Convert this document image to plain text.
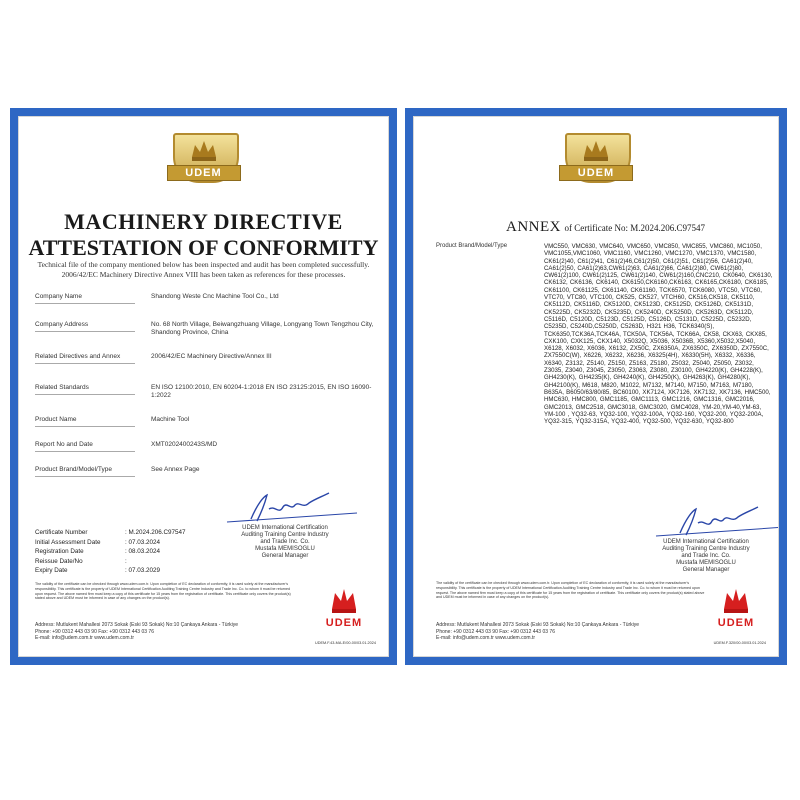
UDEM
MACHINERY DIRECTIVE
ATTESTATION OF CONFORMITY
Technical file of the company mentioned below has been inspected and audit has been completed successfully. 2006/42/EC Machinery Directive Annex VIII has been taken as references for these processes.
Company Name	Shandong Weste Cnc Machine Tool Co., Ltd
Company Address	No. 68 North Village, Beiwangzhuang Village, Longyang Town Tengzhou City, Shandong Province, China
Related Directives and Annex	2006/42/EC Machinery Directive/Annex III
Related Standards	EN ISO 12100:2010, EN 60204-1:2018 EN ISO 23125:2015, EN ISO 16090-1:2022
Product Name	Machine Tool
Report No and Date	XMT0202400243S/MD
Product Brand/Model/Type	See Annex Page
Certificate Number	: M.2024.206.C97547
Initial Assessment Date	: 07.03.2024
Registration Date	: 08.03.2024
Reissue Date/No	:
Expiry Date	: 07.03.2029
UDEM International Certification
Auditing Training Centre Industry
and Trade Inc. Co.
Mustafa MEMISOGLU
General Manager
The validity of the certificate can be checked through www.udem.com.tr. Upon completion of EC declaration of conformity, it is used solely at the manufacturer's responsibility. This certificate is the property of UDEM International Certification Auditing Training Centre Industry and Trade Inc. Co. to whom it must be returned upon request. The above named firm must keep a copy of this certificate for 15 years from the registration of certificate. This certificate only covers the product(s) stated above and UDEM must be informed in case of any changes on the product(s).
UDEM
Address: Mutlukent Mahallesi 2073 Sokak (Eski 93 Sokak) No:10 Çankaya Ankara - Türkiye
Phone: +90 0312 443 03 90 Fax: +90 0312 443 03 76
E-mail: info@udem.com.tr www.udem.com.tr
UDEM.F.43-MA-E/00-00/03.01.2024
UDEM
ANNEX of Certificate No: M.2024.206.C97547
Product Brand/Model/Type	VMC550, VMC630, VMC640, VMC650, VMC850, VMC855, VMC860, MC1050, VMC1055,VMC1060, VMC1160, VMC1260, VMC1270, VMC1370, VMC1580, CK61(2)40, C61(2)41, C61(2)46,C61(2)50, C61(2)51, C61(2)56, CA61(2)40, CA61(2)50, CA61(2)63,CW61(2)63, CA61(2)66, CA61(2)80, CW61(2)80, CW61(2)100, CW61(2)125, CW61(2)140, CW61(2)160,CNC210, CK0640, CK6130, CK6132, CK6136, CK6140, CK6150,CK6160,CK6163, CK6165,CK6180, CK6185, CK61100, CK61125, CK61140, CK61160, TCK6570, TCK6080, VTC50, VTC60, VTC70, VTC80, VTC100, CK525, CK527, VTCH60, CK516,CK518, CK5110, CK5112D, CK5116D, CK5120D, CK5123D, CK5125D, CK5126D, CK5131D, CK5225D, CK5232D, CK5235D, CK5240D, CK5250D, CK5263D, CK5112D, C5116D, C5120D, C5123D, C5125D, C5126D, C5131D, C5225D, C5232D, C5235D, C5240D,C5250D, C5263D, H321 H36, TCK6340(S), TCK6350,TCK36A,TCK46A, TCK50A, TCK56A, TCK66A, CK58, CKX63, CKX85, CXK100, CXK125, CKX140, X5032Q, X5036, X5036B, X5360,X5032,X5040, X6128, X6032, X6036, X6132, ZX50C, ZX6350A, ZX6350C, ZX6350D, ZX7550C, ZX7550C(W), X6226, X6232, X6236, X6325(4H), X6330(5H), X6332, X6336, X6340, Z3132, Z5140, Z5150, Z5163, Z5180, Z5032, Z5040, Z5050, Z3032, Z3035, Z3040, Z3045, Z3050, Z3063, Z3080, Z30100, GH4220(K), GH4228(K), GH4230(K), GH4235(K), GH4240(K), GH4250(K), GH4263(K), GH4280(K), GH42100(K), M618, M820, M1022, M7132, M7140, M7150, M7163, M7180, B635A, B6050/63/80/85, BC60100, XK7124, XK7126, XK7132, XK7136, HMC500, HMC630, HMC800, GMC1185, GMC1113, GMC1216, GMC1316, GMC2016, GMC2013, GMC2518, GMC3018, GMC3020, GMC4028, YM-20,YM-40,YM-63, YM-100 , YQ32-63, YQ32-100, YQ32-100A, YQ32-160, YQ32-200, YQ32-200A, YQ32-315, YQ32-315A, YQ32-400, YQ32-500, YQ32-630, YQ32-800
UDEM International Certification
Auditing Training Centre Industry
and Trade Inc. Co.
Mustafa MEMISOGLU
General Manager
The validity of the certificate can be checked through www.udem.com.tr. Upon completion of EC declaration of conformity, it is used solely at the manufacturer's responsibility. This certificate is the property of UDEM International Certification Auditing Training Centre Industry and Trade Inc. Co. to whom it must be returned upon request. The above named firm must keep a copy of this certificate for 15 years from the registration of certificate. This certificate only covers the product(s) stated above and UDEM must be informed in case of any changes on the product(s).
UDEM
Address: Mutlukent Mahallesi 2073 Sokak (Eski 93 Sokak) No:10 Çankaya Ankara - Türkiye
Phone: +90 0312 443 03 90 Fax: +90 0312 443 03 76
E-mail: info@udem.com.tr www.udem.com.tr
UDEM.F.320/00-00/03.01.2024
